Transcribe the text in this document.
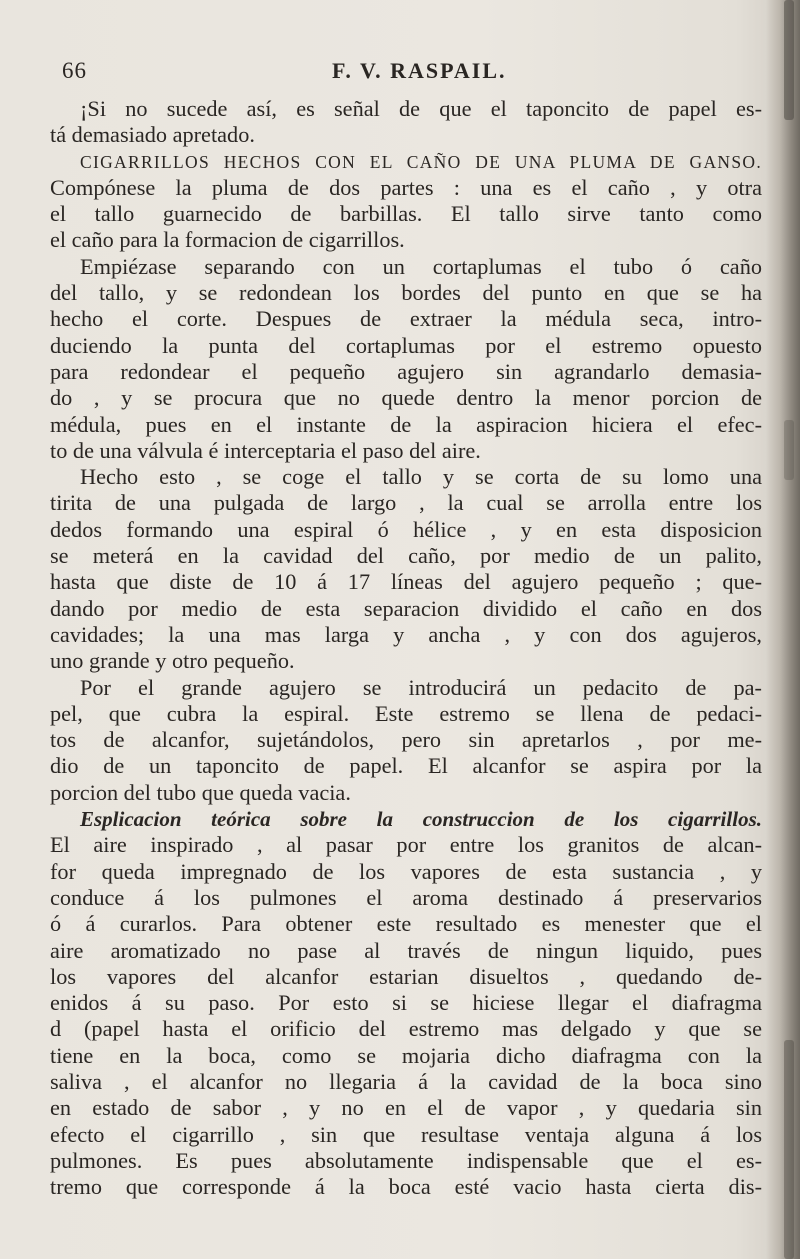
66	F. V. RASPAIL.
¡Si no sucede así, es señal de que el taponcito de papel es-
tá demasiado apretado.
CIGARRILLOS HECHOS CON EL CAÑO DE UNA PLUMA DE GANSO.
Compónese la pluma de dos partes : una es el caño , y otra
el tallo guarnecido de barbillas. El tallo sirve tanto como
el caño para la formacion de cigarrillos.
Empiézase separando con un cortaplumas el tubo ó caño
del tallo, y se redondean los bordes del punto en que se ha
hecho el corte. Despues de extraer la médula seca, intro-
duciendo la punta del cortaplumas por el estremo opuesto
para redondear el pequeño agujero sin agrandarlo demasia-
do , y se procura que no quede dentro la menor porcion de
médula, pues en el instante de la aspiracion hiciera el efec-
to de una válvula é interceptaria el paso del aire.
Hecho esto , se coge el tallo y se corta de su lomo una
tirita de una pulgada de largo , la cual se arrolla entre los
dedos formando una espiral ó hélice , y en esta disposicion
se meterá en la cavidad del caño, por medio de un palito,
hasta que diste de 10 á 17 líneas del agujero pequeño ; que-
dando por medio de esta separacion dividido el caño en dos
cavidades; la una mas larga y ancha , y con dos agujeros,
uno grande y otro pequeño.
Por el grande agujero se introducirá un pedacito de pa-
pel, que cubra la espiral. Este estremo se llena de pedaci-
tos de alcanfor, sujetándolos, pero sin apretarlos , por me-
dio de un taponcito de papel. El alcanfor se aspira por la
porcion del tubo que queda vacia.
Esplicacion teórica sobre la construccion de los cigarrillos.
El aire inspirado , al pasar por entre los granitos de alcan-
for queda impregnado de los vapores de esta sustancia , y
conduce á los pulmones el aroma destinado á preservarios
ó á curarlos. Para obtener este resultado es menester que el
aire aromatizado no pase al través de ningun liquido, pues
los vapores del alcanfor estarian disueltos , quedando de-
enidos á su paso. Por esto si se hiciese llegar el diafragma
d (papel hasta el orificio del estremo mas delgado y que se
tiene en la boca, como se mojaria dicho diafragma con la
saliva , el alcanfor no llegaria á la cavidad de la boca sino
en estado de sabor , y no en el de vapor , y quedaria sin
efecto el cigarrillo , sin que resultase ventaja alguna á los
pulmones. Es pues absolutamente indispensable que el es-
tremo que corresponde á la boca esté vacio hasta cierta dis-
